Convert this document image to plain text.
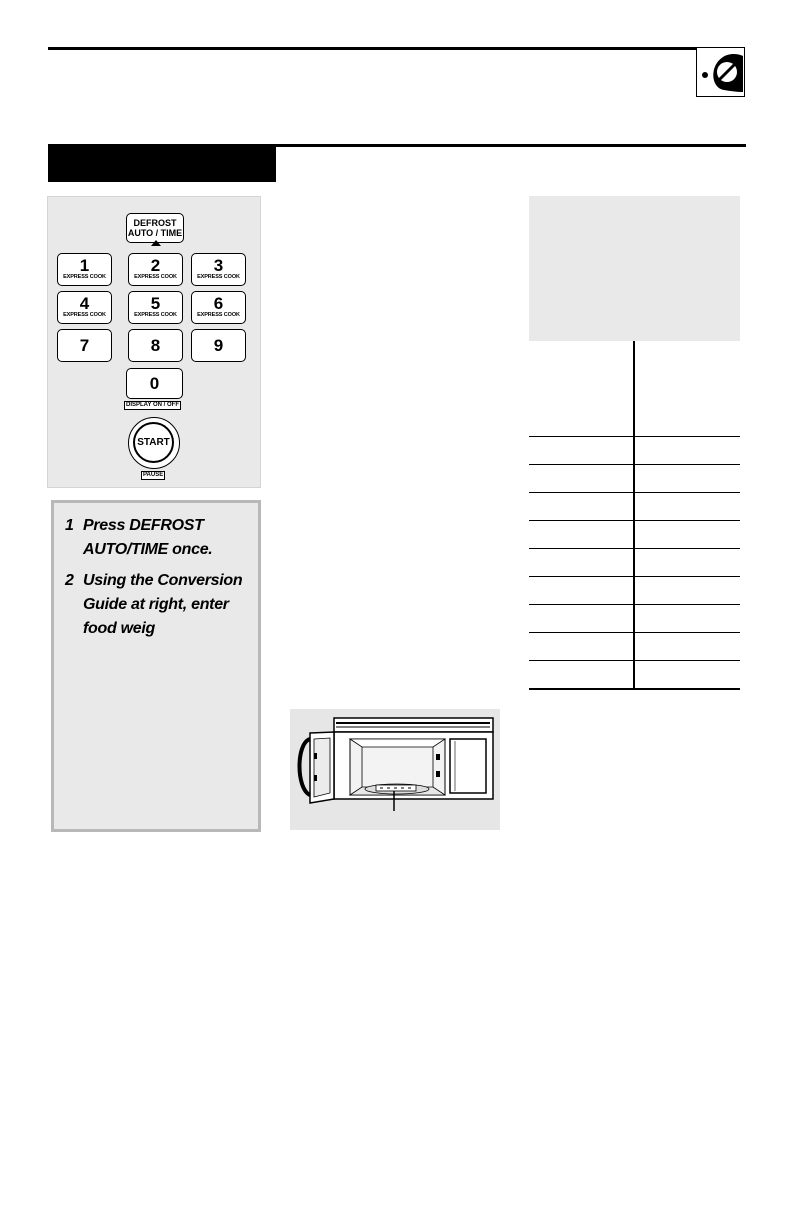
DEFROST
AUTO / TIME
1
EXPRESS COOK
2
EXPRESS COOK
3
EXPRESS COOK
4
EXPRESS COOK
5
EXPRESS COOK
6
EXPRESS COOK
7	8	9
0
DISPLAY ON / OFF
START
PAUSE
1 Press DEFROST
AUTO/TIME once.
2 Using the Conversion
Guide at right, enter
food weig
